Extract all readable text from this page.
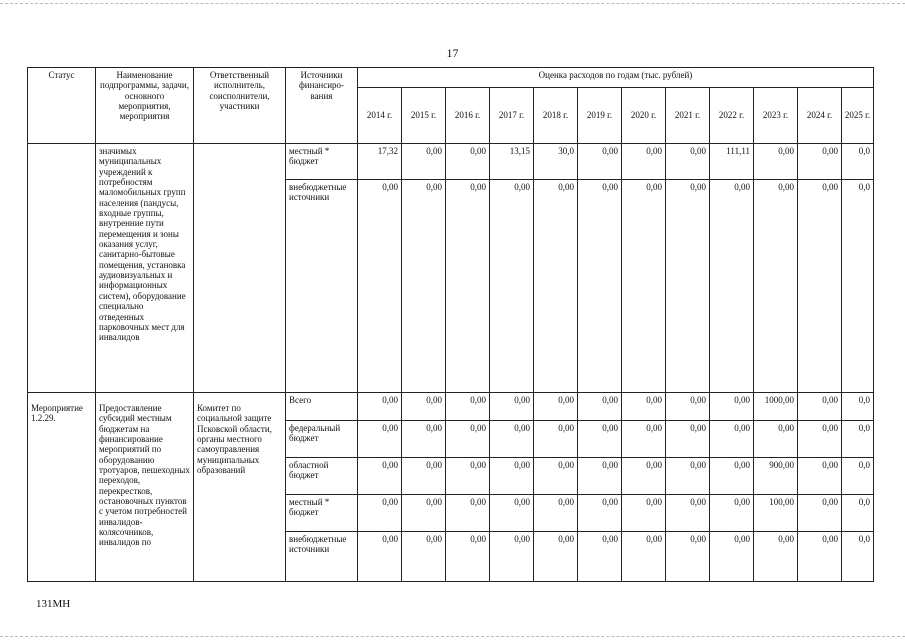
17
Статус	Наименование подпрограммы, задачи, основного мероприятия, мероприятия	Ответственный исполнитель, соисполнители, участники	Источники финансиро-вания	Оценка расходов по годам (тыс. рублей)											
				2014 г.	2015 г.	2016 г.	2017 г.	2018 г.	2019 г.	2020 г.	2021 г.	2022 г.	2023 г.	2024 г.	2025 г.
	значимых муниципальных учреждений к потребностям маломобильных групп населения (пандусы, входные группы, внутренние пути перемещения и зоны оказания услуг, санитарно-бытовые помещения, установка аудиовизуальных и информационных систем), оборудование специально отведенных парковочных мест для инвалидов		местный * бюджет	17,32	0,00	0,00	13,15	30,0	0,00	0,00	0,00	111,11	0,00	0,00	0,0
			внебюджетные источники	0,00	0,00	0,00	0,00	0,00	0,00	0,00	0,00	0,00	0,00	0,00	0,0
Мероприятие 1.2.29.	Предоставление субсидий местным бюджетам на финансирование мероприятий по оборудованию тротуаров, пешеходных переходов, перекрестков, остановочных пунктов с учетом потребностей инвалидов-колясочников, инвалидов по	Комитет по социальной защите Псковской области, органы местного самоуправления муниципальных образований	Всего	0,00	0,00	0,00	0,00	0,00	0,00	0,00	0,00	0,00	1000,00	0,00	0,0
			федеральный бюджет	0,00	0,00	0,00	0,00	0,00	0,00	0,00	0,00	0,00	0,00	0,00	0,0
			областной бюджет	0,00	0,00	0,00	0,00	0,00	0,00	0,00	0,00	0,00	900,00	0,00	0,0
			местный * бюджет	0,00	0,00	0,00	0,00	0,00	0,00	0,00	0,00	0,00	100,00	0,00	0,0
			внебюджетные источники	0,00	0,00	0,00	0,00	0,00	0,00	0,00	0,00	0,00	0,00	0,00	0,0
131МН
